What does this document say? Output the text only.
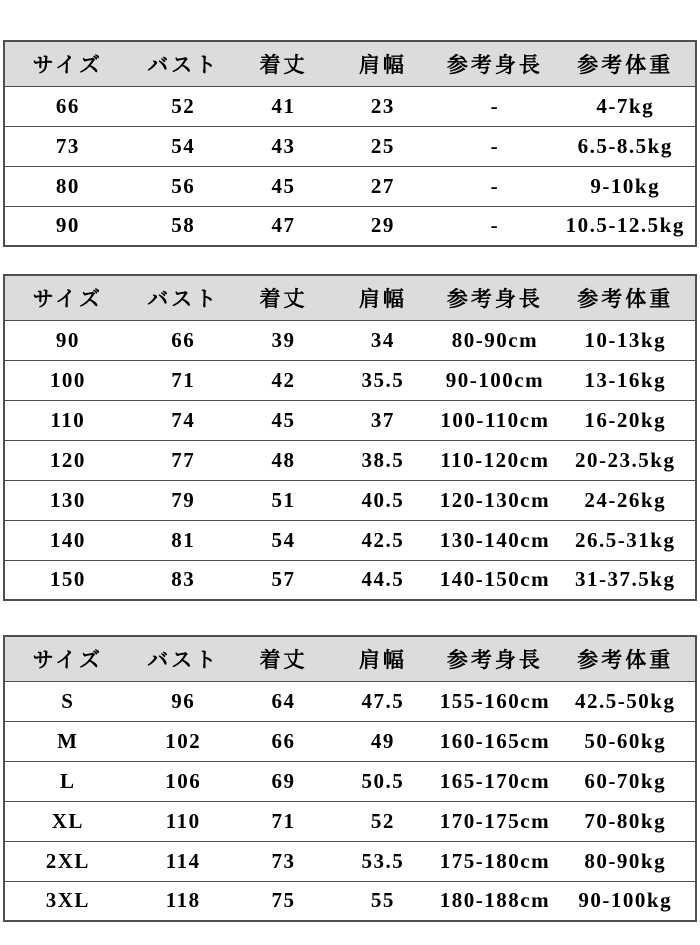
サイズ	バスト	着丈	肩幅	参考身長	参考体重
66	52	41	23	-	4-7kg
73	54	43	25	-	6.5-8.5kg
80	56	45	27	-	9-10kg
90	58	47	29	-	10.5-12.5kg
サイズ	バスト	着丈	肩幅	参考身長	参考体重
90	66	39	34	80-90cm	10-13kg
100	71	42	35.5	90-100cm	13-16kg
110	74	45	37	100-110cm	16-20kg
120	77	48	38.5	110-120cm	20-23.5kg
130	79	51	40.5	120-130cm	24-26kg
140	81	54	42.5	130-140cm	26.5-31kg
150	83	57	44.5	140-150cm	31-37.5kg
サイズ	バスト	着丈	肩幅	参考身長	参考体重
S	96	64	47.5	155-160cm	42.5-50kg
M	102	66	49	160-165cm	50-60kg
L	106	69	50.5	165-170cm	60-70kg
XL	110	71	52	170-175cm	70-80kg
2XL	114	73	53.5	175-180cm	80-90kg
3XL	118	75	55	180-188cm	90-100kg
